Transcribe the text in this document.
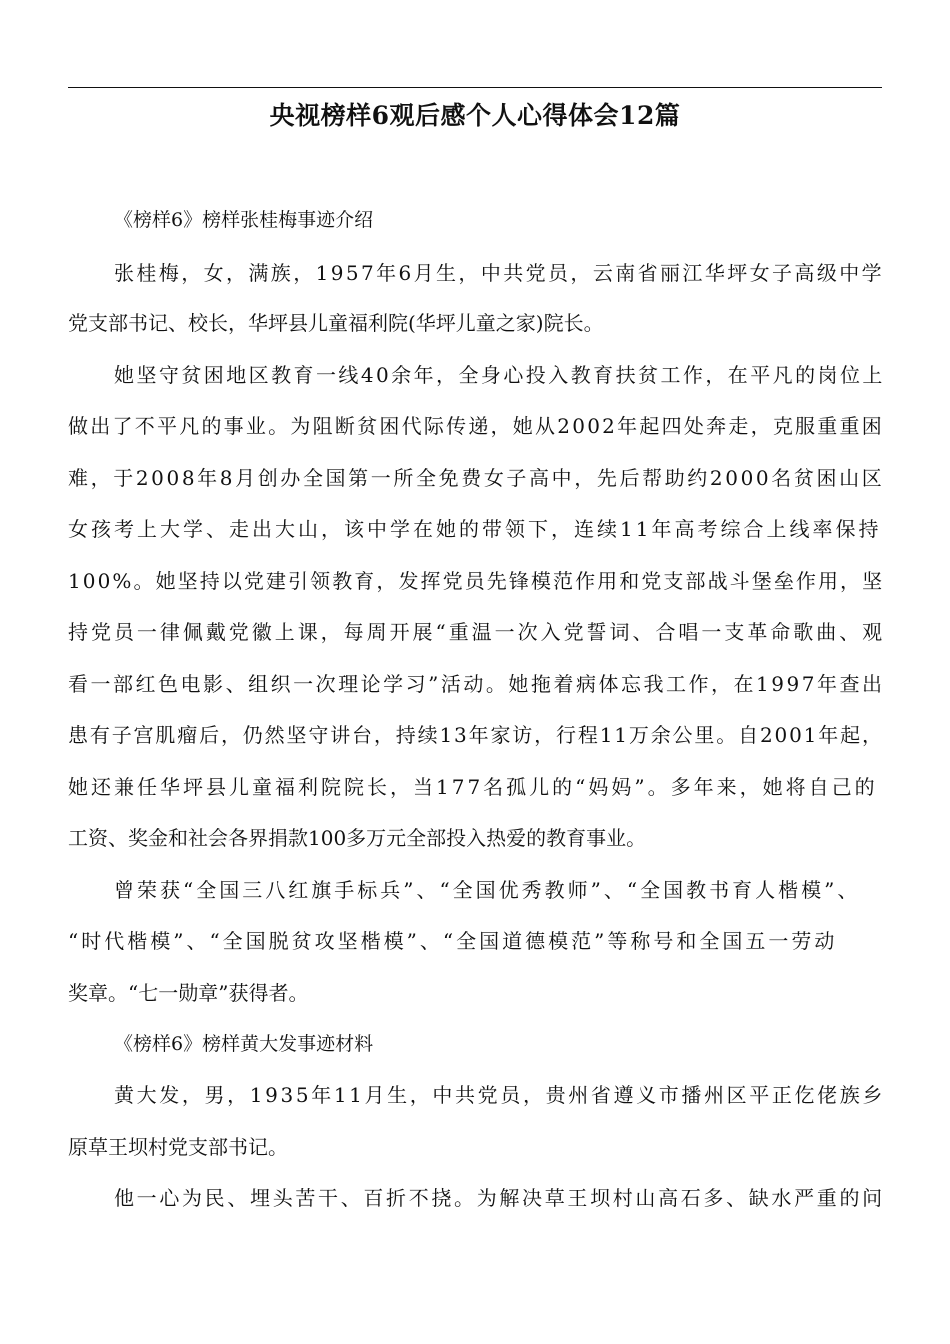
央视榜样6观后感个人心得体会12篇
《榜样6》榜样张桂梅事迹介绍
张桂梅，女，满族，1957年6月生，中共党员，云南省丽江华坪女子高级中学
党支部书记、校长，华坪县儿童福利院(华坪儿童之家)院长。
她坚守贫困地区教育一线40余年，全身心投入教育扶贫工作，在平凡的岗位上
做出了不平凡的事业。为阻断贫困代际传递，她从2002年起四处奔走，克服重重困
难，于2008年8月创办全国第一所全免费女子高中，先后帮助约2000名贫困山区
女孩考上大学、走出大山，该中学在她的带领下，连续11年高考综合上线率保持
100%。她坚持以党建引领教育，发挥党员先锋模范作用和党支部战斗堡垒作用，坚
持党员一律佩戴党徽上课，每周开展“重温一次入党誓词、合唱一支革命歌曲、观
看一部红色电影、组织一次理论学习”活动。她拖着病体忘我工作，在1997年查出
患有子宫肌瘤后，仍然坚守讲台，持续13年家访，行程11万余公里。自2001年起，
她还兼任华坪县儿童福利院院长，当177名孤儿的“妈妈”。多年来，她将自己的
工资、奖金和社会各界捐款100多万元全部投入热爱的教育事业。
曾荣获“全国三八红旗手标兵”、“全国优秀教师”、“全国教书育人楷模”、
“时代楷模”、“全国脱贫攻坚楷模”、“全国道德模范”等称号和全国五一劳动
奖章。“七一勋章”获得者。
《榜样6》榜样黄大发事迹材料
黄大发，男，1935年11月生，中共党员，贵州省遵义市播州区平正仡佬族乡
原草王坝村党支部书记。
他一心为民、埋头苦干、百折不挠。为解决草王坝村山高石多、缺水严重的问
